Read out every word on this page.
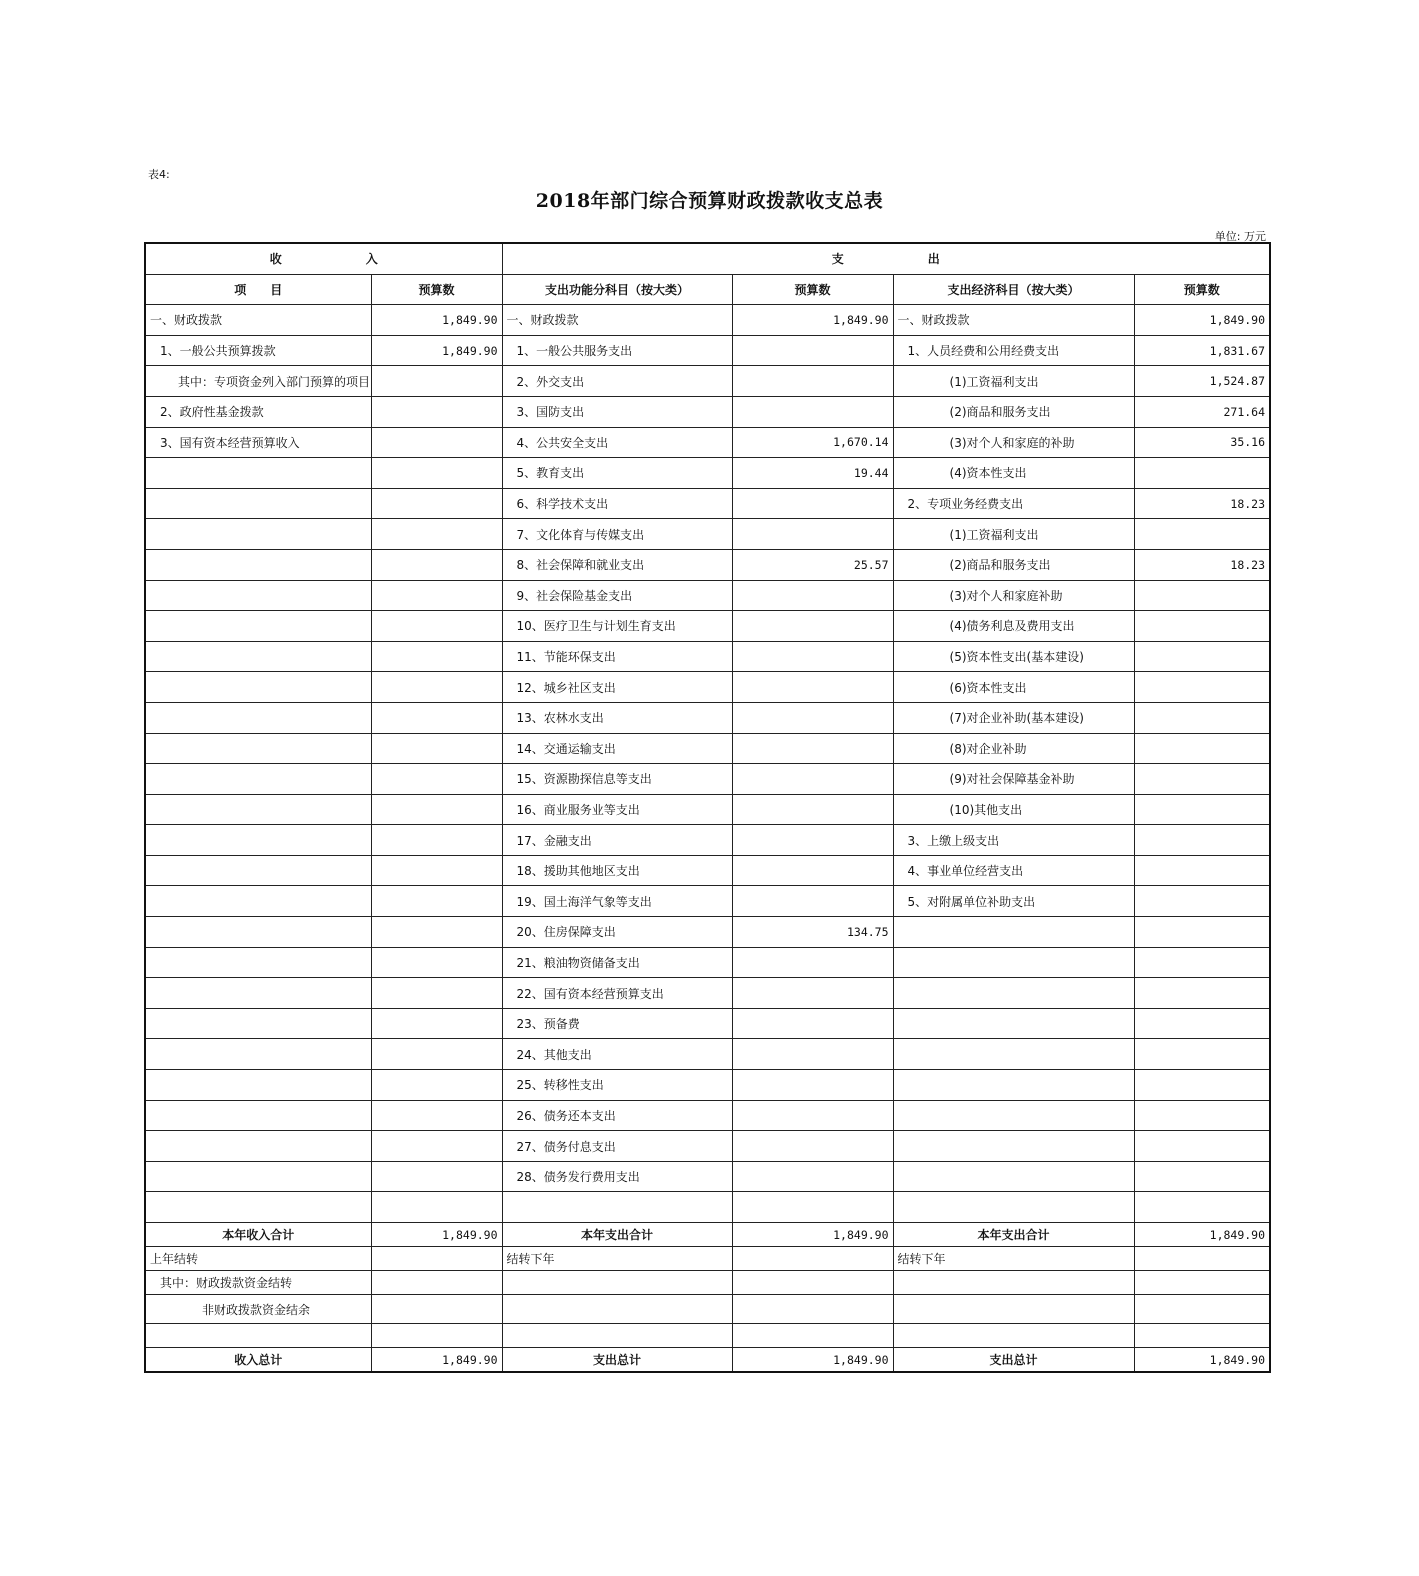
表4:
2018年部门综合预算财政拨款收支总表
单位: 万元
收　　　　　　　入		支　　　　　　　出			
项　　目	预算数	支出功能分科目（按大类）	预算数	支出经济科目（按大类）	预算数
一、财政拨款	1,849.90	一、财政拨款	1,849.90	一、财政拨款	1,849.90
1、一般公共预算拨款	1,849.90	1、一般公共服务支出		1、人员经费和公用经费支出	1,831.67
其中：专项资金列入部门预算的项目		2、外交支出		(1)工资福利支出	1,524.87
2、政府性基金拨款		3、国防支出		(2)商品和服务支出	271.64
3、国有资本经营预算收入		4、公共安全支出	1,670.14	(3)对个人和家庭的补助	35.16
		5、教育支出	19.44	(4)资本性支出	
		6、科学技术支出		2、专项业务经费支出	18.23
		7、文化体育与传媒支出		(1)工资福利支出	
		8、社会保障和就业支出	25.57	(2)商品和服务支出	18.23
		9、社会保险基金支出		(3)对个人和家庭补助	
		10、医疗卫生与计划生育支出		(4)债务利息及费用支出	
		11、节能环保支出		(5)资本性支出(基本建设)	
		12、城乡社区支出		(6)资本性支出	
		13、农林水支出		(7)对企业补助(基本建设)	
		14、交通运输支出		(8)对企业补助	
		15、资源勘探信息等支出		(9)对社会保障基金补助	
		16、商业服务业等支出		(10)其他支出	
		17、金融支出		3、上缴上级支出	
		18、援助其他地区支出		4、事业单位经营支出	
		19、国土海洋气象等支出		5、对附属单位补助支出	
		20、住房保障支出	134.75		
		21、粮油物资储备支出			
		22、国有资本经营预算支出			
		23、预备费			
		24、其他支出			
		25、转移性支出			
		26、债务还本支出			
		27、债务付息支出			
		28、债务发行费用支出			

本年收入合计	1,849.90	本年支出合计	1,849.90	本年支出合计	1,849.90
上年结转		结转下年		结转下年	
其中：财政拨款资金结转					
非财政拨款资金结余					

收入总计	1,849.90	支出总计	1,849.90	支出总计	1,849.90
